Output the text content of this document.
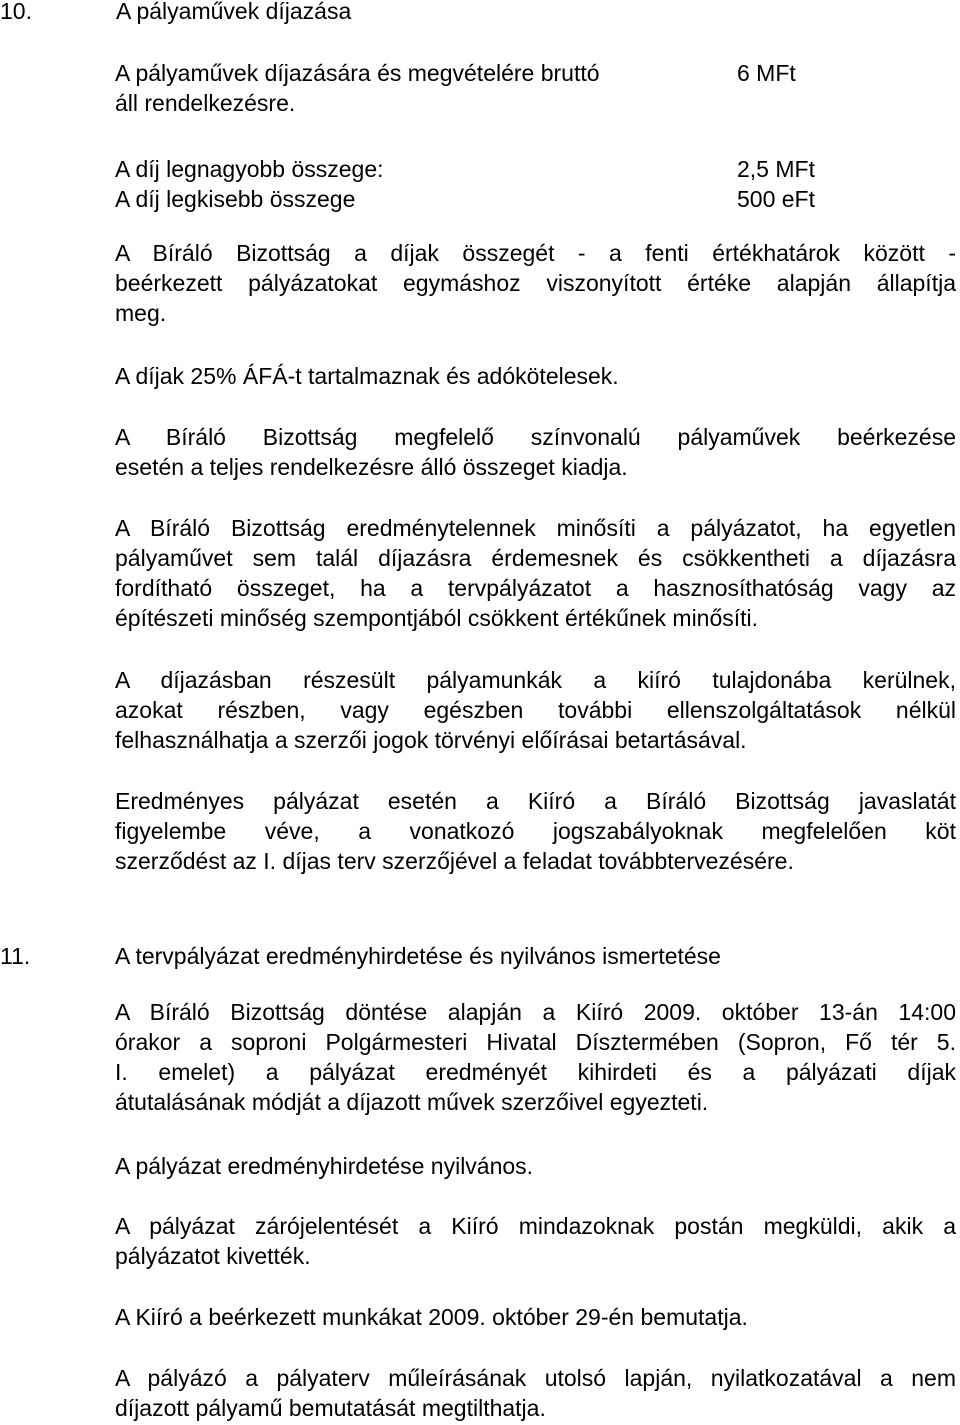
10.	A pályaművek díjazása
A pályaművek díjazására és megvételére bruttó	6 MFt
áll rendelkezésre.
A díj legnagyobb összege:	2,5 MFt
A díj legkisebb összege	500 eFt
A Bíráló Bizottság a díjak összegét - a fenti értékhatárok között -
beérkezett pályázatokat egymáshoz viszonyított értéke alapján állapítja
meg.
A díjak 25% ÁFÁ-t tartalmaznak és adókötelesek.
A Bíráló Bizottság megfelelő színvonalú pályaművek beérkezése
esetén a teljes rendelkezésre álló összeget kiadja.
A Bíráló Bizottság eredménytelennek minősíti a pályázatot, ha egyetlen
pályaművet sem talál díjazásra érdemesnek és csökkentheti a díjazásra
fordítható összeget, ha a tervpályázatot a hasznosíthatóság vagy az
építészeti minőség szempontjából csökkent értékűnek minősíti.
A díjazásban részesült pályamunkák a kiíró tulajdonába kerülnek,
azokat részben, vagy egészben további ellenszolgáltatások nélkül
felhasználhatja a szerzői jogok törvényi előírásai betartásával.
Eredményes pályázat esetén a Kiíró a Bíráló Bizottság javaslatát
figyelembe véve, a vonatkozó jogszabályoknak megfelelően köt
szerződést az I. díjas terv szerzőjével a feladat továbbtervezésére.
11.	A tervpályázat eredményhirdetése és nyilvános ismertetése
A Bíráló Bizottság döntése alapján a Kiíró 2009. október 13-án 14:00
órakor a soproni Polgármesteri Hivatal Dísztermében (Sopron, Fő tér 5.
I. emelet) a pályázat eredményét kihirdeti és a pályázati díjak
átutalásának módját a díjazott művek szerzőivel egyezteti.
A pályázat eredményhirdetése nyilvános.
A pályázat zárójelentését a Kiíró mindazoknak postán megküldi, akik a
pályázatot kivették.
A Kiíró a beérkezett munkákat 2009. október 29-én bemutatja.
A pályázó a pályaterv műleírásának utolsó lapján, nyilatkozatával a nem
díjazott pályamű bemutatását megtilthatja.
